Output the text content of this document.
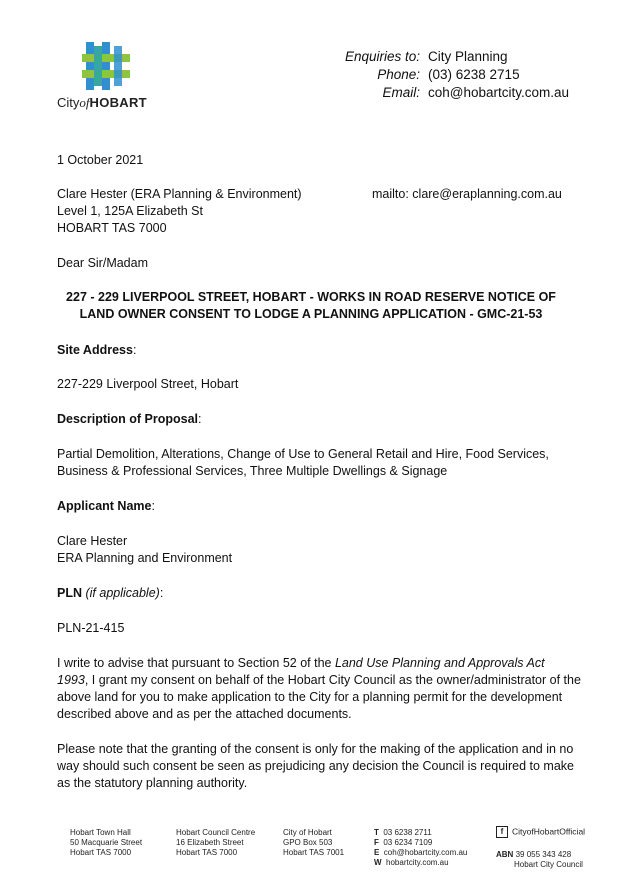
CityofHOBART
Enquiries to: City Planning
Phone: (03) 6238 2715
Email: coh@hobartcity.com.au
1 October 2021
Clare Hester (ERA Planning & Environment)	mailto: clare@eraplanning.com.au
Level 1, 125A Elizabeth St
HOBART TAS 7000
Dear Sir/Madam
227 - 229 LIVERPOOL STREET, HOBART - WORKS IN ROAD RESERVE NOTICE OF
LAND OWNER CONSENT TO LODGE A PLANNING APPLICATION - GMC-21-53
Site Address:
227-229 Liverpool Street, Hobart
Description of Proposal:
Partial Demolition, Alterations, Change of Use to General Retail and Hire, Food Services,
Business & Professional Services, Three Multiple Dwellings & Signage
Applicant Name:
Clare Hester
ERA Planning and Environment
PLN (if applicable):
PLN-21-415
I write to advise that pursuant to Section 52 of the Land Use Planning and Approvals Act
1993, I grant my consent on behalf of the Hobart City Council as the owner/administrator of the
above land for you to make application to the City for a planning permit for the development
described above and as per the attached documents.
Please note that the granting of the consent is only for the making of the application and in no
way should such consent be seen as prejudicing any decision the Council is required to make
as the statutory planning authority.
Hobart Town Hall
50 Macquarie Street
Hobart TAS 7000
Hobart Council Centre
16 Elizabeth Street
Hobart TAS 7000
City of Hobart
GPO Box 503
Hobart TAS 7001
T 03 6238 2711
F 03 6234 7109
E coh@hobartcity.com.au
W hobartcity.com.au
f CityofHobartOfficial
ABN 39 055 343 428
Hobart City Council
